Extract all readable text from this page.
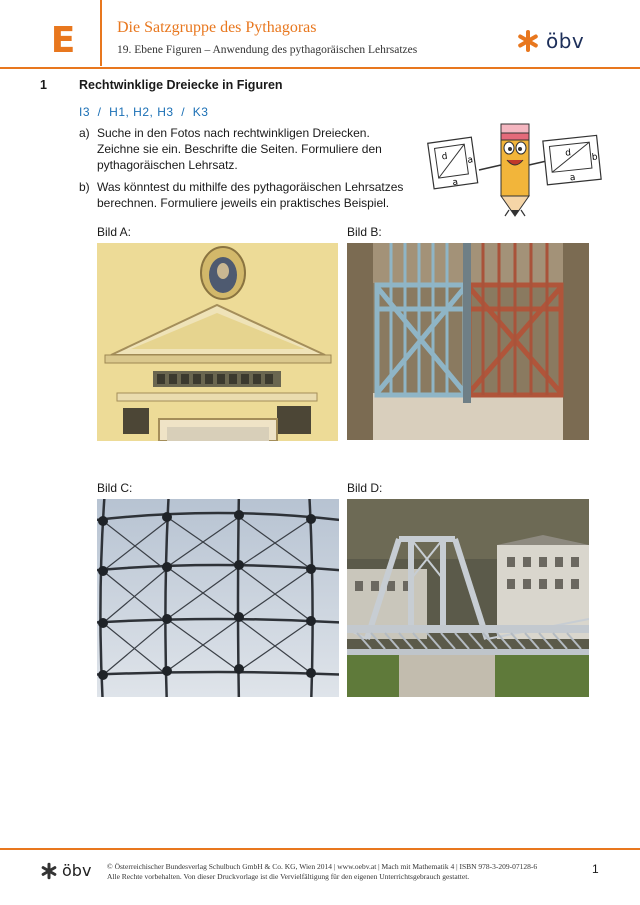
E	Die Satzgruppe des Pythagoras
19. Ebene Figuren – Anwendung des pythagoräischen Lehrsatzes	öbv
1	Rechtwinklige Dreiecke in Figuren
I3  /  H1, H2, H3  /  K3
a) Suche in den Fotos nach rechtwinkligen Dreiecken. Zeichne sie ein. Beschrifte die Seiten. Formuliere den pythagoräischen Lehrsatz.
b) Was könntest du mithilfe des pythagoräischen Lehrsatzes berechnen. Formuliere jeweils ein praktisches Beispiel.
d a
a
d b
a
Bild A:	Bild B:
Bild C:	Bild D:
öbv © Österreichischer Bundesverlag Schulbuch GmbH & Co. KG, Wien 2014 | www.oebv.at | Mach mit Mathematik 4 | ISBN 978-3-209-07128-6
Alle Rechte vorbehalten. Von dieser Druckvorlage ist die Vervielfältigung für den eigenen Unterrichtsgebrauch gestattet.
1
